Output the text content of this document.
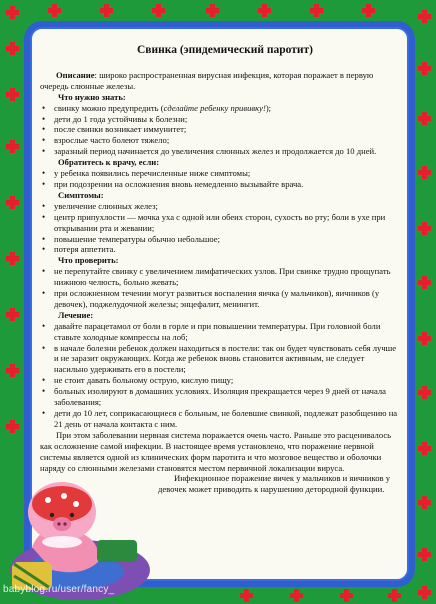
Свинка (эпидемический паротит)

Описание: широко распространенная вирусная инфекция, которая поражает в первую очередь слюнные железы.

Что нужно знать:

• свинку можно предупредить (сделайте ребенку прививку!);
• дети до 1 года устойчивы к болезни;
• после свинки возникает иммунитет;
• взрослые часто болеют тяжело;
• заразный период начинается до увеличения слюнных желез и продолжается до 10 дней.

Обратитесь к врачу, если:

• у ребенка появились перечисленные ниже симптомы;
• при подозрении на осложнения вновь немедленно вызывайте врача.

Симптомы:

• увеличение слюнных желез;
• центр припухлости — мочка уха с одной или обеих сторон, сухость во рту; боли в ухе при открывании рта и жевании;
• повышение температуры обычно небольшое;
• потеря аппетита.

Что проверить:

• не перепутайте свинку с увеличением лимфатических узлов. При свинке трудно прощупать нижнюю челюсть, больно жевать;
• при осложненном течении могут развиться воспаления яичка (у мальчиков), яичников (у девочек), поджелудочной железы; энцефалит, менингит.

Лечение:

• давайте парацетамол от боли в горле и при повышении температуры. При головной боли ставьте холодные компрессы на лоб;
• в начале болезни ребенок должен находиться в постели: так он будет чувствовать себя лучше и не заразит окружающих. Когда же ребенок вновь становится активным, не следует насильно удерживать его в постели;
• не стоит давать больному острую, кислую пищу;
• больных изолируют в домашних условиях. Изоляция прекращается через 9 дней от начала заболевания;
• дети до 10 лет, соприкасающиеся с больным, не болевшие свинкой, подлежат разобщению на 21 день от начала контакта с ним.

При этом заболевании нервная система поражается очень часто. Раньше это расценивалось как осложнение самой инфекции. В настоящее время установлено, что поражение нервной системы является одной из клинических форм паротита и что мозговое вещество и оболочки наряду со слюнными железами становятся местом первичной локализации вируса.

Инфекционное поражение яичек у мальчиков и яичников у девочек может приводить к нарушению детородной функции.

babyblog.ru/user/fancy_
